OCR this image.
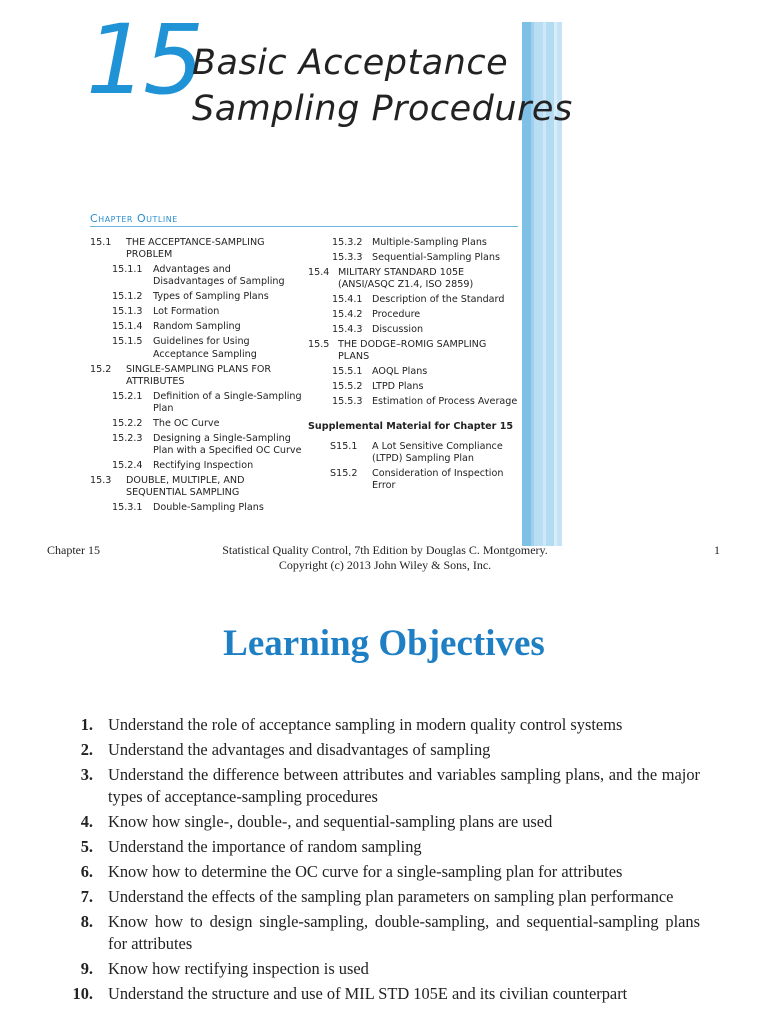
15
Basic Acceptance
Sampling Procedures
Chapter Outline
15.1	THE ACCEPTANCE-SAMPLING PROBLEM
15.1.1	Advantages and Disadvantages of Sampling
15.1.2	Types of Sampling Plans
15.1.3	Lot Formation
15.1.4	Random Sampling
15.1.5	Guidelines for Using Acceptance Sampling
15.2	SINGLE-SAMPLING PLANS FOR ATTRIBUTES
15.2.1	Definition of a Single-Sampling Plan
15.2.2	The OC Curve
15.2.3	Designing a Single-Sampling Plan with a Specified OC Curve
15.2.4	Rectifying Inspection
15.3	DOUBLE, MULTIPLE, AND SEQUENTIAL SAMPLING
15.3.1	Double-Sampling Plans
15.3.2 Multiple-Sampling Plans
15.3.3 Sequential-Sampling Plans
15.4 MILITARY STANDARD 105E (ANSI/ASQC Z1.4, ISO 2859)
15.4.1 Description of the Standard
15.4.2 Procedure
15.4.3 Discussion
15.5 THE DODGE–ROMIG SAMPLING PLANS
15.5.1 AOQL Plans
15.5.2 LTPD Plans
15.5.3 Estimation of Process Average
Supplemental Material for Chapter 15
S15.1	A Lot Sensitive Compliance (LTPD) Sampling Plan
S15.2	Consideration of Inspection Error
Chapter 15	Statistical Quality Control, 7th Edition by Douglas C. Montgomery.
Copyright (c) 2013 John Wiley & Sons, Inc.
1
Learning Objectives
1. Understand the role of acceptance sampling in modern quality control systems
2. Understand the advantages and disadvantages of sampling
3. Understand the difference between attributes and variables sampling plans, and the major types of acceptance-sampling procedures
4. Know how single-, double-, and sequential-sampling plans are used
5. Understand the importance of random sampling
6. Know how to determine the OC curve for a single-sampling plan for attributes
7. Understand the effects of the sampling plan parameters on sampling plan performance
8. Know how to design single-sampling, double-sampling, and sequential-sampling plans for attributes
9. Know how rectifying inspection is used
10. Understand the structure and use of MIL STD 105E and its civilian counterpart
